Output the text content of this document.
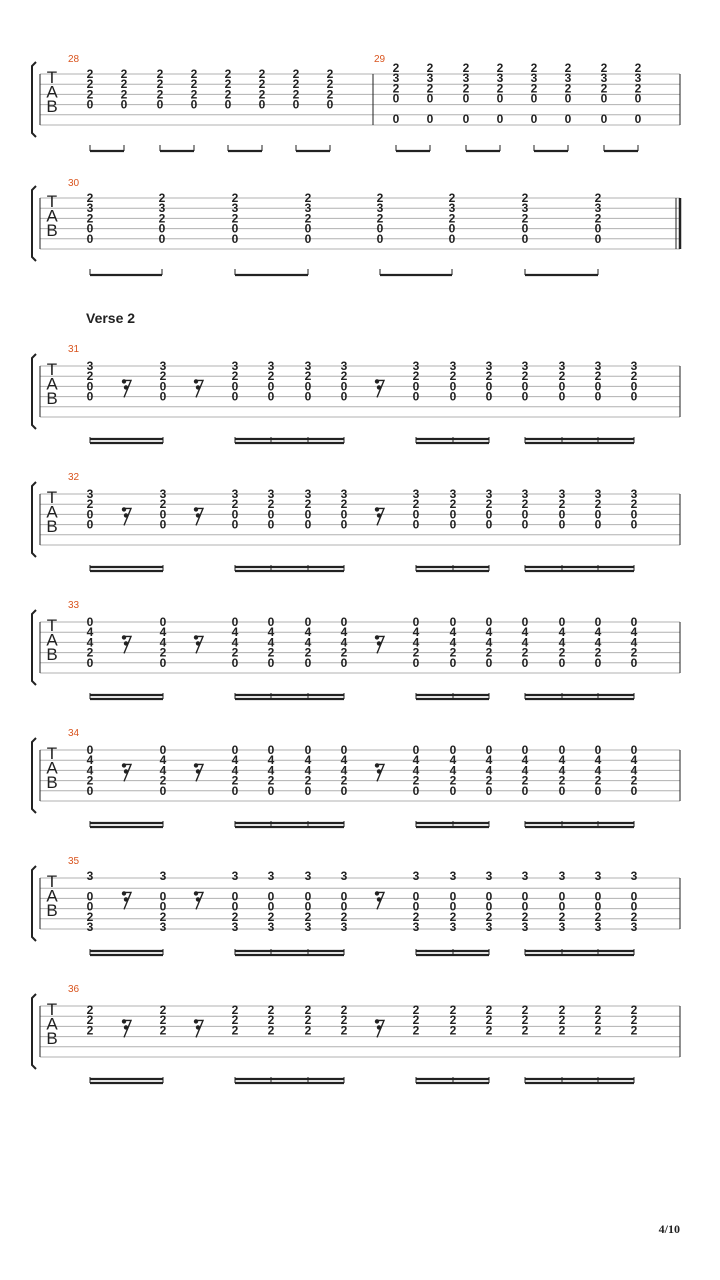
T
A
B
28	29
2
2
2
0
2
2
2
0
2
2
2
0
2
2
2
0
2
2
2
0
2
2
2
0
2
2
2
0
2
2
2
0
2
3
2
0
0
2
3
2
0
0
2
3
2
0
0
2
3
2
0
0
2
3
2
0
0
2
3
2
0
0
2
3
2
0
0
2
3
2
0
0
T
A
B
30
2
3
2
0
0
2
3
2
0
0
2
3
2
0
0
2
3
2
0
0
2
3
2
0
0
2
3
2
0
0
2
3
2
0
0
2
3
2
0
0
T
A
B
31
3
2
0
0
3
2
0
0
3
2
0
0
3
2
0
0
3
2
0
0
3
2
0
0
3
2
0
0
3
2
0
0
3
2
0
0
3
2
0
0
3
2
0
0
3
2
0
0
3
2
0
0
T
A
B
32
3
2
0
0
3
2
0
0
3
2
0
0
3
2
0
0
3
2
0
0
3
2
0
0
3
2
0
0
3
2
0
0
3
2
0
0
3
2
0
0
3
2
0
0
3
2
0
0
3
2
0
0
T
A
B
33
0
4
4
2
0
0
4
4
2
0
0
4
4
2
0
0
4
4
2
0
0
4
4
2
0
0
4
4
2
0
0
4
4
2
0
0
4
4
2
0
0
4
4
2
0
0
4
4
2
0
0
4
4
2
0
0
4
4
2
0
0
4
4
2
0
T
A
B
34
0
4
4
2
0
0
4
4
2
0
0
4
4
2
0
0
4
4
2
0
0
4
4
2
0
0
4
4
2
0
0
4
4
2
0
0
4
4
2
0
0
4
4
2
0
0
4
4
2
0
0
4
4
2
0
0
4
4
2
0
0
4
4
2
0
T
A
B
35
3
0
0
2
3
3
0
0
2
3
3
0
0
2
3
3
0
0
2
3
3
0
0
2
3
3
0
0
2
3
3
0
0
2
3
3
0
0
2
3
3
0
0
2
3
3
0
0
2
3
3
0
0
2
3
3
0
0
2
3
3
0
0
2
3
T
A
B
36
2
2
2
2
2
2
2
2
2
2
2
2
2
2
2
2
2
2
2
2
2
2
2
2
2
2
2
2
2
2
2
2
2
2
2
2
2
2
2
Verse 2
4/10
